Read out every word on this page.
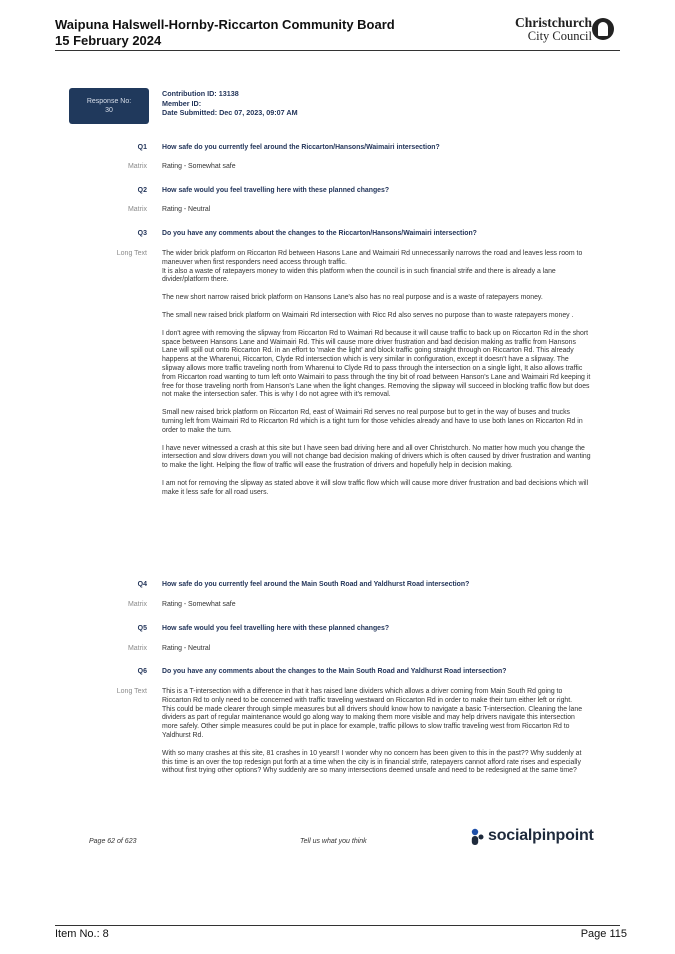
Waipuna Halswell-Hornby-Riccarton Community Board
15 February 2024
Christchurch
City Council
Response No:
30
Contribution ID: 13138
Member ID:
Date Submitted: Dec 07, 2023, 09:07 AM
Q1 How safe do you currently feel around the Riccarton/Hansons/Waimairi intersection?
Matrix Rating - Somewhat safe
Q2 How safe would you feel travelling here with these planned changes?
Matrix Rating - Neutral
Q3 Do you have any comments about the changes to the Riccarton/Hansons/Waimairi intersection?
Long Text The wider brick platform on Riccarton Rd between Hasons Lane and Waimairi Rd unnecessarily narrows the road and leaves less room to maneuver when first responders need access through traffic.
It is also a waste of ratepayers money to widen this platform when the council is in such financial strife and there is already a lane divider/platform there.

The new short narrow raised brick platform on Hansons Lane's also has no real purpose and is a waste of ratepayers money.

The small new raised brick platform on Waimairi Rd intersection with Ricc Rd also serves no purpose than to waste ratepayers money .

I don't agree with removing the slipway from Riccarton Rd to Waimari Rd because it will cause traffic to back up on Riccarton Rd in the short space between Hansons Lane and Waimairi Rd. This will cause more driver frustration and bad decision making as traffic from Hansons Lane will spill out onto Riccarton Rd. in an effort to 'make the light' and block traffic going straight through on Riccarton Rd. This already happens at the Wharenui, Riccarton, Clyde Rd intersection which is very similar in configuration, except it doesn't have a slipway. The slipway allows more traffic traveling north from Wharenui to Clyde Rd to pass through the intersection on a single light, It also allows traffic from Riccarton road wanting to turn left onto Waimairi to pass through the tiny bit of road between Hanson's Lane and Waimairi Rd keeping it free for those traveling north from Hanson's Lane when the light changes. Removing the slipway will succeed in blocking traffic flow but does not make the intersection safer. This is why I do not agree with it's removal.

Small new raised brick platform on Riccarton Rd, east of Waimairi Rd serves no real purpose but to get in the way of buses and trucks turning left from Waimairi Rd to Riccarton Rd which is a tight turn for those vehicles already and have to use both lanes on Riccarton Rd in order to make the turn.

I have never witnessed a crash at this site but I have seen bad driving here and all over Christchurch. No matter how much you change the intersection and slow drivers down you will not change bad decision making of drivers which is often caused by driver frustration and wanting to make the light. Helping the flow of traffic will ease the frustration of drivers and hopefully help in decision making.

I am not for removing the slipway as stated above it will slow traffic flow which will cause more driver frustration and bad decisions which will make it less safe for all road users.

Q4 How safe do you currently feel around the Main South Road and Yaldhurst Road intersection?
Matrix Rating - Somewhat safe
Q5 How safe would you feel travelling here with these planned changes?
Matrix Rating - Neutral
Q6 Do you have any comments about the changes to the Main South Road and Yaldhurst Road intersection?
Long Text This is a T-intersection with a difference in that it has raised lane dividers which allows a driver coming from Main South Rd going to Riccarton Rd to only need to be concerned with traffic traveling westward on Riccarton Rd in order to make their turn either left or right.
This could be made clearer through simple measures but all drivers should know how to navigate a basic T-intersection. Cleaning the lane dividers as part of regular maintenance would go along way to making them more visible and may help drivers navigate this intersection more safely. Other simple measures could be put in place for example, traffic pillows to slow traffic traveling west from Riccarton Rd to Yaldhurst Rd.

With so many crashes at this site, 81 crashes in 10 years!! I wonder why no concern has been given to this in the past?? Why suddenly at this time is an over the top redesign put forth at a time when the city is in financial strife, ratepayers cannot afford rate rises and especially without first trying other options? Why suddenly are so many intersections deemed unsafe and need to be redesigned at the same time?

Page 62 of 623	Tell us what you think	socialpinpoint
Item No.: 8	Page 115
